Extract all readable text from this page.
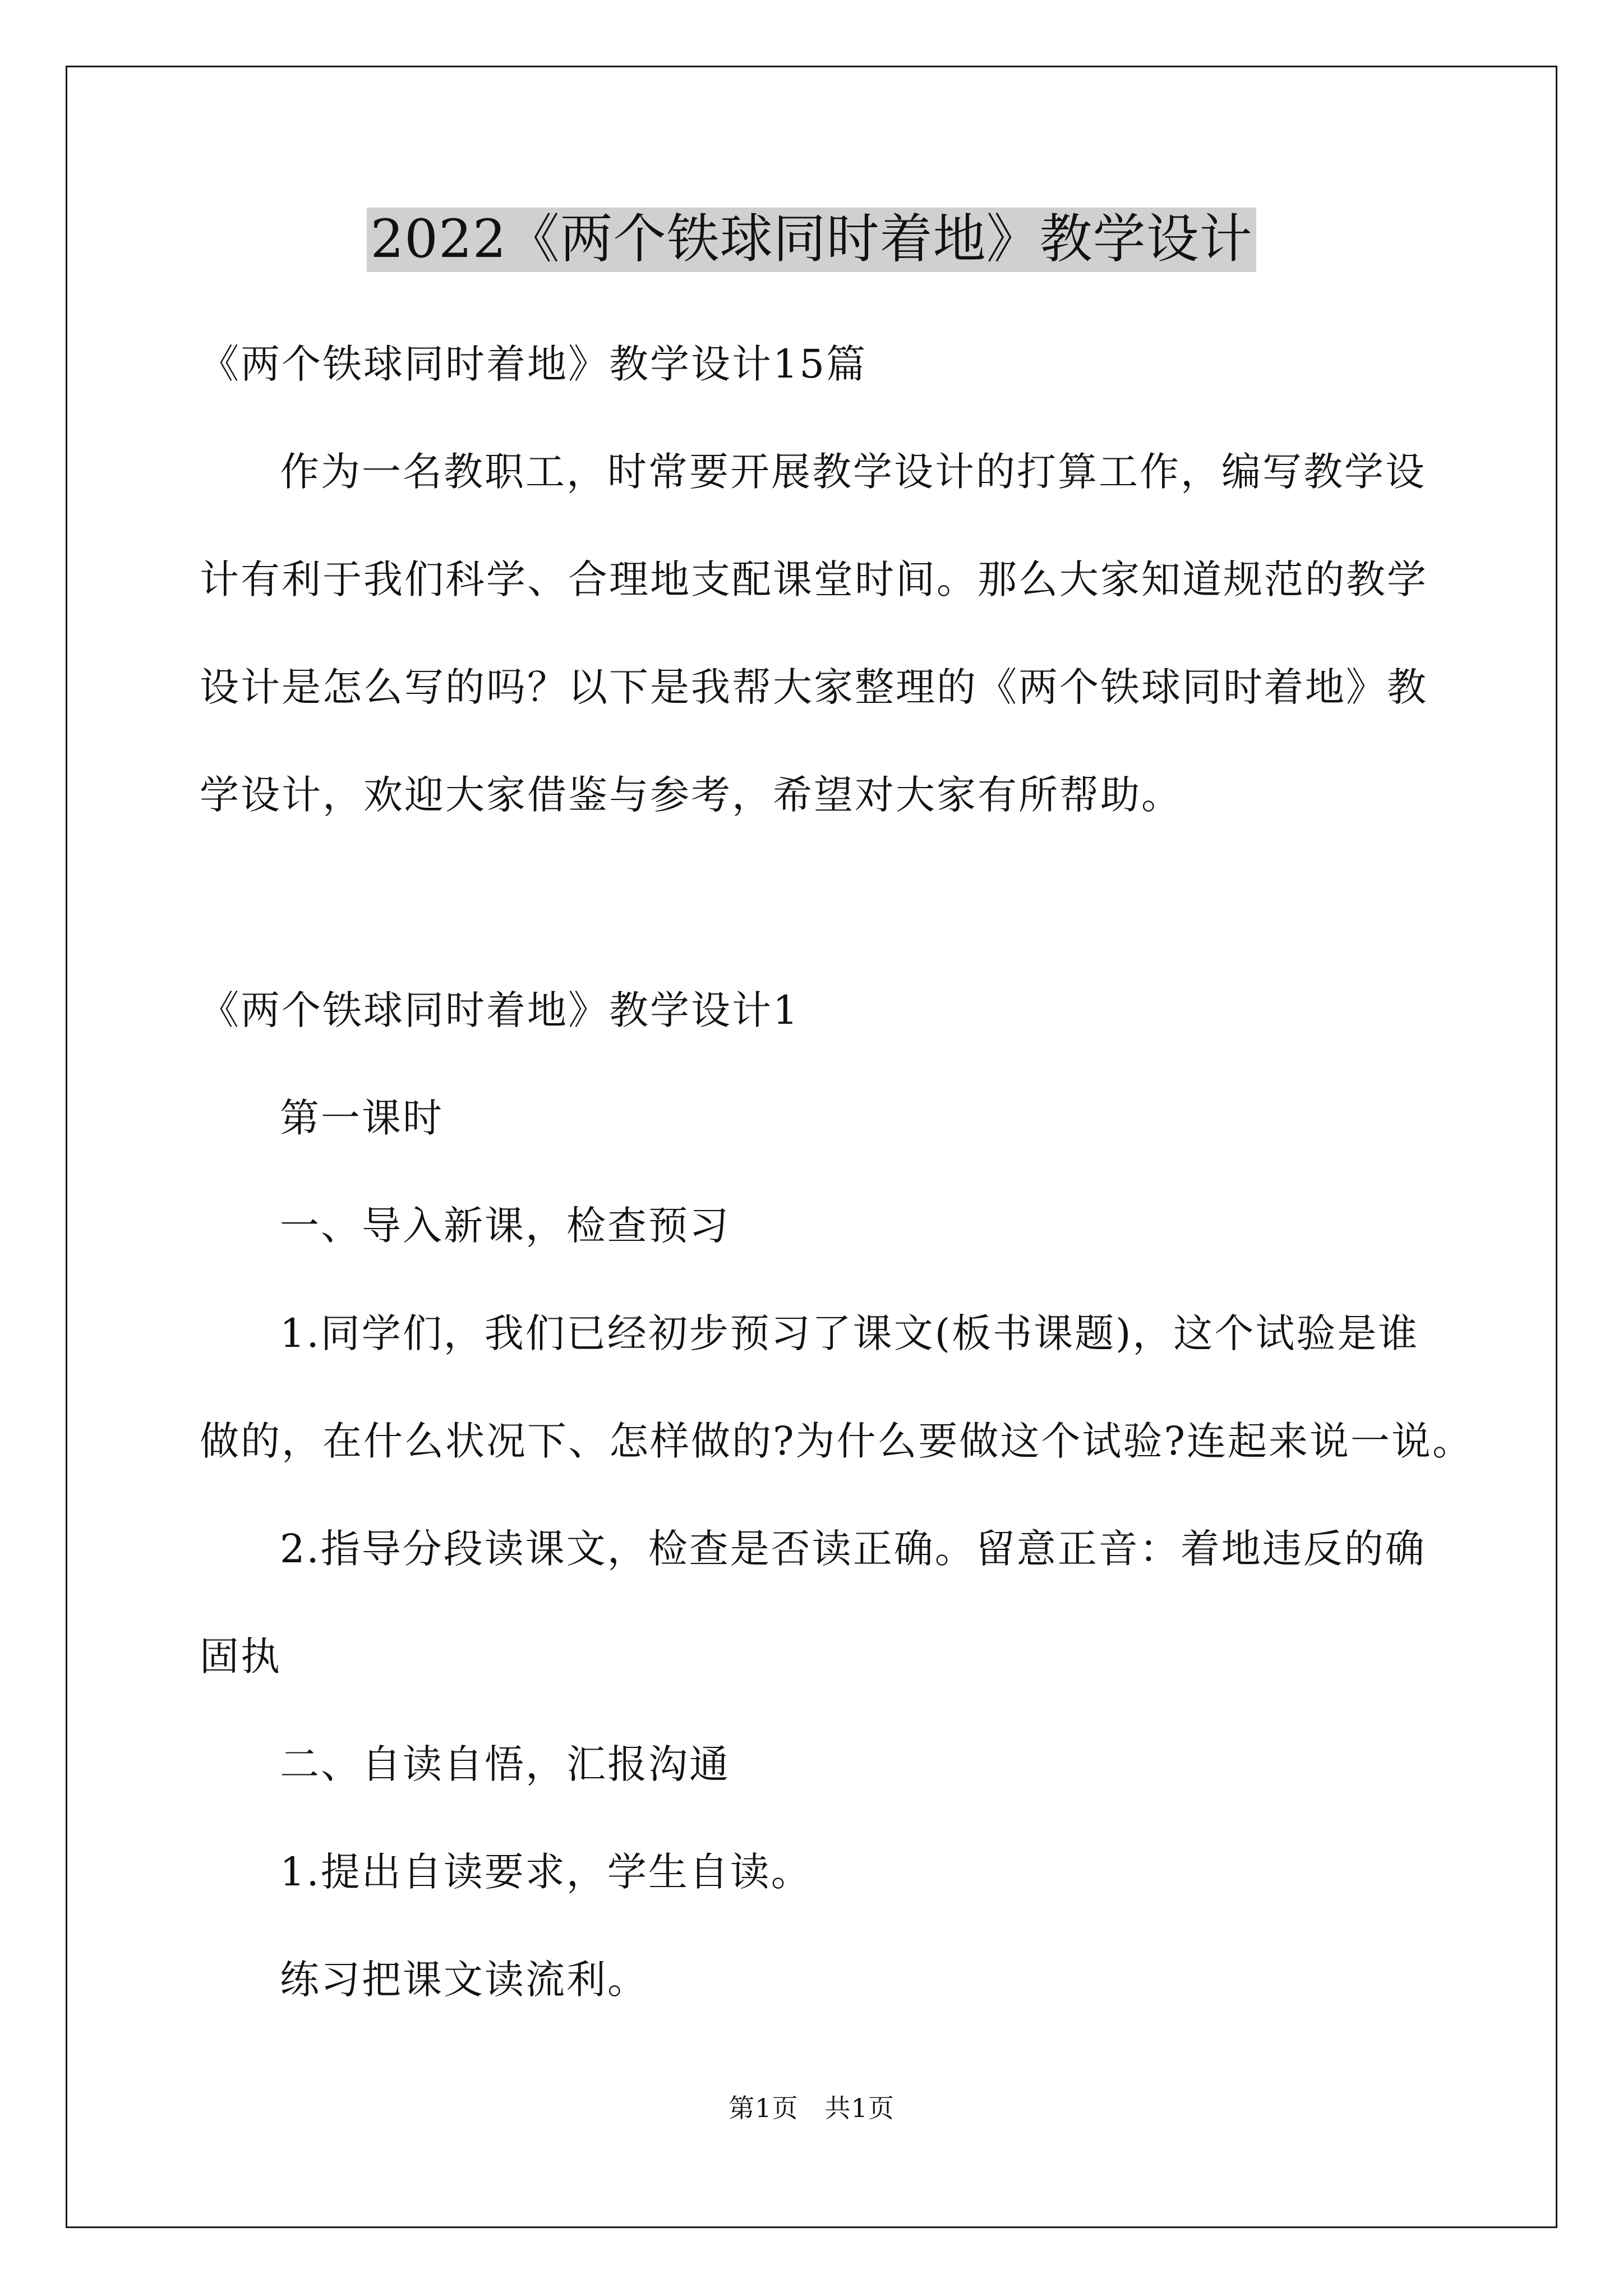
2022《两个铁球同时着地》教学设计

《两个铁球同时着地》教学设计15篇

作为一名教职工，时常要开展教学设计的打算工作，编写教学设

计有利于我们科学、合理地支配课堂时间。那么大家知道规范的教学

设计是怎么写的吗？以下是我帮大家整理的《两个铁球同时着地》教

学设计，欢迎大家借鉴与参考，希望对大家有所帮助。

《两个铁球同时着地》教学设计1

第一课时

一、导入新课，检查预习

1.同学们，我们已经初步预习了课文(板书课题)，这个试验是谁

做的，在什么状况下、怎样做的?为什么要做这个试验?连起来说一说。

2.指导分段读课文，检查是否读正确。留意正音：着地违反的确

固执

二、自读自悟，汇报沟通

1.提出自读要求，学生自读。

练习把课文读流利。

第1页 共1页
